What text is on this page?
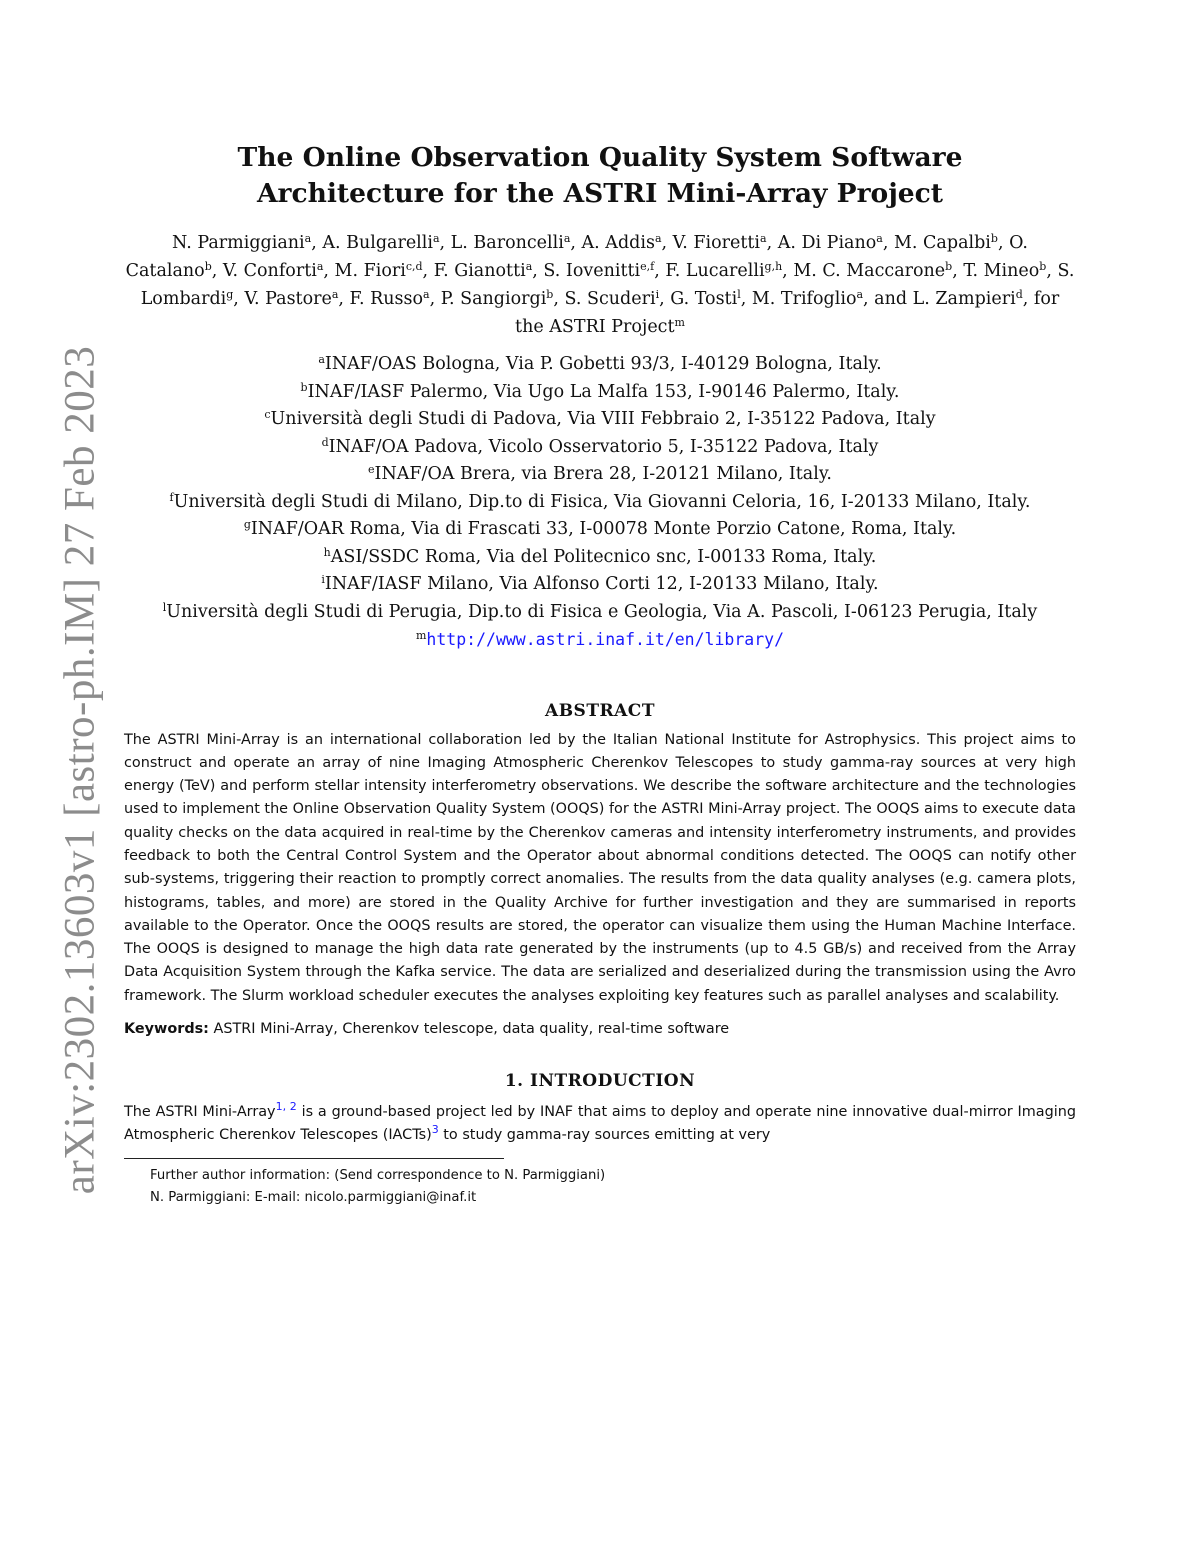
arXiv:2302.13603v1 [astro-ph.IM] 27 Feb 2023
The Online Observation Quality System Software
Architecture for the ASTRI Mini-Array Project
N. Parmiggiani$^a$, A. Bulgarelli$^a$, L. Baroncelli$^a$, A. Addis$^a$, V. Fioretti$^a$, A. Di Piano$^a$, M. Capalbi$^b$, O. Catalano$^b$, V. Conforti$^a$, M. Fiori$^{c,d}$, F. Gianotti$^a$, S. Iovenitti$^{e,f}$, F. Lucarelli$^{g,h}$, M. C. Maccarone$^b$, T. Mineo$^b$, S. Lombardi$^g$, V. Pastore$^a$, F. Russo$^a$, P. Sangiorgi$^b$, S. Scuderi$^i$, G. Tosti$^l$, M. Trifoglio$^a$, and L. Zampieri$^d$, for the ASTRI Project$^m$
$^a$INAF/OAS Bologna, Via P. Gobetti 93/3, I-40129 Bologna, Italy.
$^b$INAF/IASF Palermo, Via Ugo La Malfa 153, I-90146 Palermo, Italy.
$^c$Università degli Studi di Padova, Via VIII Febbraio 2, I-35122 Padova, Italy
$^d$INAF/OA Padova, Vicolo Osservatorio 5, I-35122 Padova, Italy
$^e$INAF/OA Brera, via Brera 28, I-20121 Milano, Italy.
$^f$Università degli Studi di Milano, Dip.to di Fisica, Via Giovanni Celoria, 16, I-20133 Milano, Italy.
$^g$INAF/OAR Roma, Via di Frascati 33, I-00078 Monte Porzio Catone, Roma, Italy.
$^h$ASI/SSDC Roma, Via del Politecnico snc, I-00133 Roma, Italy.
$^i$INAF/IASF Milano, Via Alfonso Corti 12, I-20133 Milano, Italy.
$^l$Università degli Studi di Perugia, Dip.to di Fisica e Geologia, Via A. Pascoli, I-06123 Perugia, Italy
$^m$http://www.astri.inaf.it/en/library/
ABSTRACT

The ASTRI Mini-Array is an international collaboration led by the Italian National Institute for Astrophysics. This project aims to construct and operate an array of nine Imaging Atmospheric Cherenkov Telescopes to study gamma-ray sources at very high energy (TeV) and perform stellar intensity interferometry observations. We describe the software architecture and the technologies used to implement the Online Observation Quality System (OOQS) for the ASTRI Mini-Array project. The OOQS aims to execute data quality checks on the data acquired in real-time by the Cherenkov cameras and intensity interferometry instruments, and provides feedback to both the Central Control System and the Operator about abnormal conditions detected. The OOQS can notify other sub-systems, triggering their reaction to promptly correct anomalies. The results from the data quality analyses (e.g. camera plots, histograms, tables, and more) are stored in the Quality Archive for further investigation and they are summarised in reports available to the Operator. Once the OOQS results are stored, the operator can visualize them using the Human Machine Interface. The OOQS is designed to manage the high data rate generated by the instruments (up to 4.5 GB/s) and received from the Array Data Acquisition System through the Kafka service. The data are serialized and deserialized during the transmission using the Avro framework. The Slurm workload scheduler executes the analyses exploiting key features such as parallel analyses and scalability.

Keywords: ASTRI Mini-Array, Cherenkov telescope, data quality, real-time software
1. INTRODUCTION

The ASTRI Mini-Array$^{1, 2}$ is a ground-based project led by INAF that aims to deploy and operate nine innovative dual-mirror Imaging Atmospheric Cherenkov Telescopes (IACTs)$^3$ to study gamma-ray sources emitting at very

Further author information: (Send correspondence to N. Parmiggiani)
N. Parmiggiani: E-mail: nicolo.parmiggiani@inaf.it
